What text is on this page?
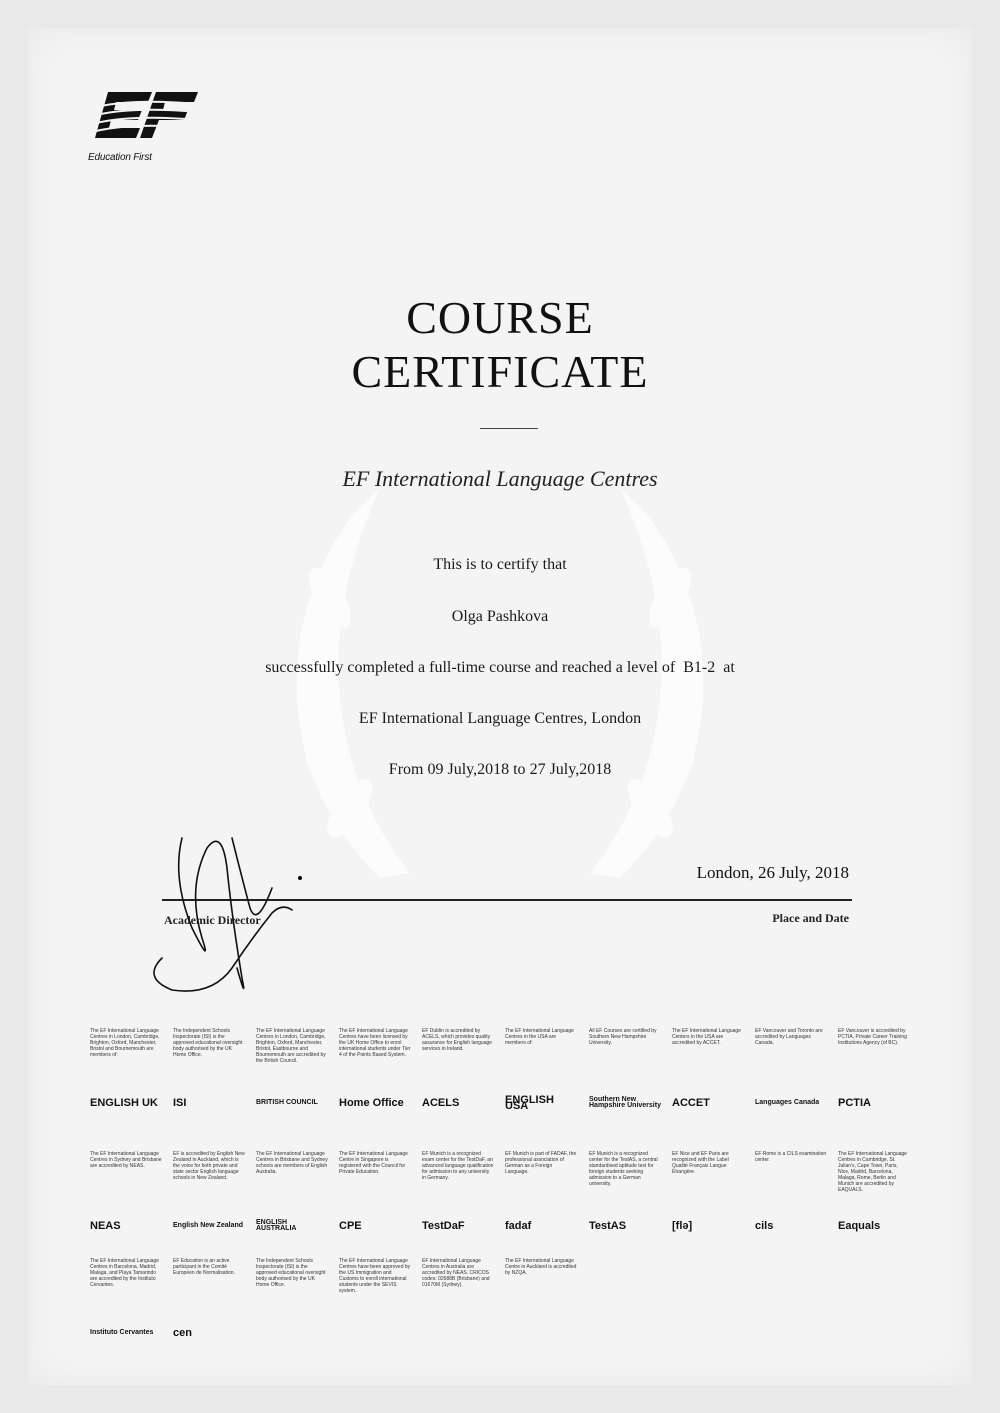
Education First
COURSE
CERTIFICATE
EF International Language Centres
This is to certify that
Olga Pashkova
successfully completed a full-time course and reached a level of B1-2 at
EF International Language Centres, London
From 09 July,2018 to 27 July,2018
London, 26 July, 2018
Academic Director	Place and Date
The EF International Language Centres in London, Cambridge, Brighton, Oxford, Manchester, Bristol and Bournemouth are members of:
ENGLISH UK
The Independent Schools Inspectorate (ISI) is the approved educational oversight body authorised by the UK Home Office.
ISI
The EF International Language Centres in London, Cambridge, Brighton, Oxford, Manchester, Bristol, Eastbourne and Bournemouth are accredited by the British Council.
BRITISH COUNCIL
The EF International Language Centres have been licensed by the UK Home Office to enrol international students under Tier 4 of the Points Based System.
Home Office
EF Dublin is accredited by ACELS, which provides quality assurance for English language services in Ireland.
ACELS
The EF International Language Centres in the USA are members of:
ENGLISH USA
All EF Courses are certified by Southern New Hampshire University.
Southern New Hampshire University
The EF International Language Centers in the USA are accredited by ACCET.
ACCET
EF Vancouver and Toronto are accredited by Languages Canada.
Languages Canada
EF Vancouver is accredited by PCTIA, Private Career Training Institutions Agency (of BC).
PCTIA
The EF International Language Centres in Sydney and Brisbane are accredited by NEAS.
NEAS
EF is accredited by English New Zealand in Auckland, which is the voice for both private and state sector English language schools in New Zealand.
English New Zealand
The EF International Language Centres in Brisbane and Sydney schools are members of English Australia.
ENGLISH AUSTRALIA
The EF International Language Centre in Singapore is registered with the Council for Private Education.
CPE
EF Munich is a recognized exam center for the TestDaF, an advanced language qualification for admission to any university in Germany.
TestDaF
EF Munich is part of FADAF, the professional association of German as a Foreign Language.
fadaf
EF Munich is a recognized center for the TestAS, a central standardised aptitude test for foreign students seeking admission to a German university.
TestAS
EF Nice and EF Paris are recognized with the Label Qualité Français Langue Étrangère.
[flə]
EF Rome is a CILS examination center.
cils
The EF International Language Centres in Cambridge, St. Julian's, Cape Town, Paris, Nice, Madrid, Barcelona, Malaga, Rome, Berlin and Munich are accredited by EAQUALS.
Eaquals
The EF International Language Centres in Barcelona, Madrid, Malaga, and Playa Tamarindo are accredited by the Instituto Cervantes.
Instituto Cervantes
EF Education is an active participant in the Comité Européen de Normalisation.
cen
The Independent Schools Inspectorate (ISI) is the approved educational oversight body authorised by the UK Home Office.
The EF International Language Centres have been approved by the US Immigration and Customs to enroll international students under the SEVIS system.
EF International Language Centres in Australia are accredited by NEAS. CRICOS codes: 02688B (Brisbane) and 01670M (Sydney).
The EF International Language Centre in Auckland is accredited by NZQA.
